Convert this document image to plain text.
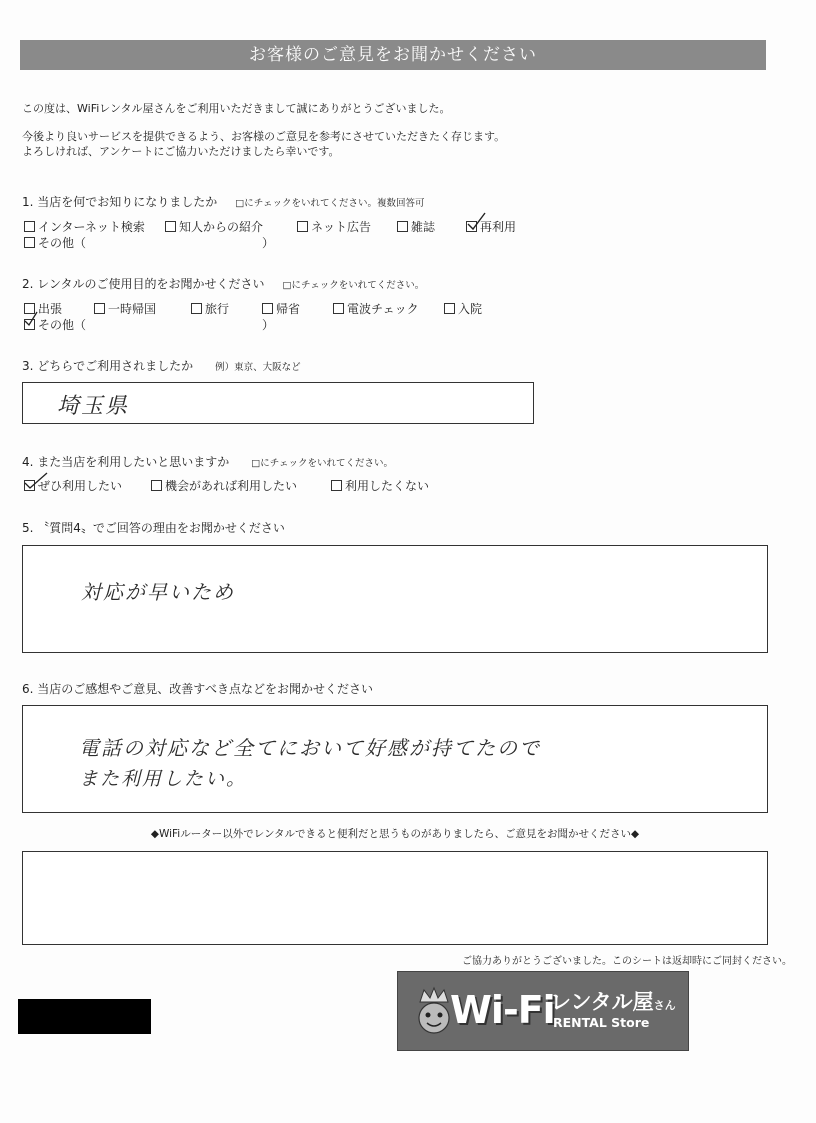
お客様のご意見をお聞かせください
この度は、WiFiレンタル屋さんをご利用いただきまして誠にありがとうございました。
今後より良いサービスを提供できるよう、お客様のご意見を参考にさせていただきたく存じます。
よろしければ、アンケートにご協力いただけましたら幸いです。
1. 当店を何でお知りになりましたか □にチェックをいれてください。複数回答可
インターネット検索	知人からの紹介	ネット広告	雑誌	再利用
その他（	）
2. レンタルのご使用目的をお聞かせください □にチェックをいれてください。
出張	一時帰国	旅行	帰省	電波チェック	入院
その他（	）
3. どちらでご利用されましたか 例）東京、大阪など
埼玉県
4. また当店を利用したいと思いますか □にチェックをいれてください。
ぜひ利用したい	機会があれば利用したい	利用したくない
5. 〝質問4〟でご回答の理由をお聞かせください
対応が早いため
6. 当店のご感想やご意見、改善すべき点などをお聞かせください
電話の対応など全てにおいて好感が持てたので
また利用したい。
◆WiFiルーター以外でレンタルできると便利だと思うものがありましたら、ご意見をお聞かせください◆
ご協力ありがとうございました。このシートは返却時にご同封ください。
Wi-Fi
レンタル屋さん
RENTAL Store
